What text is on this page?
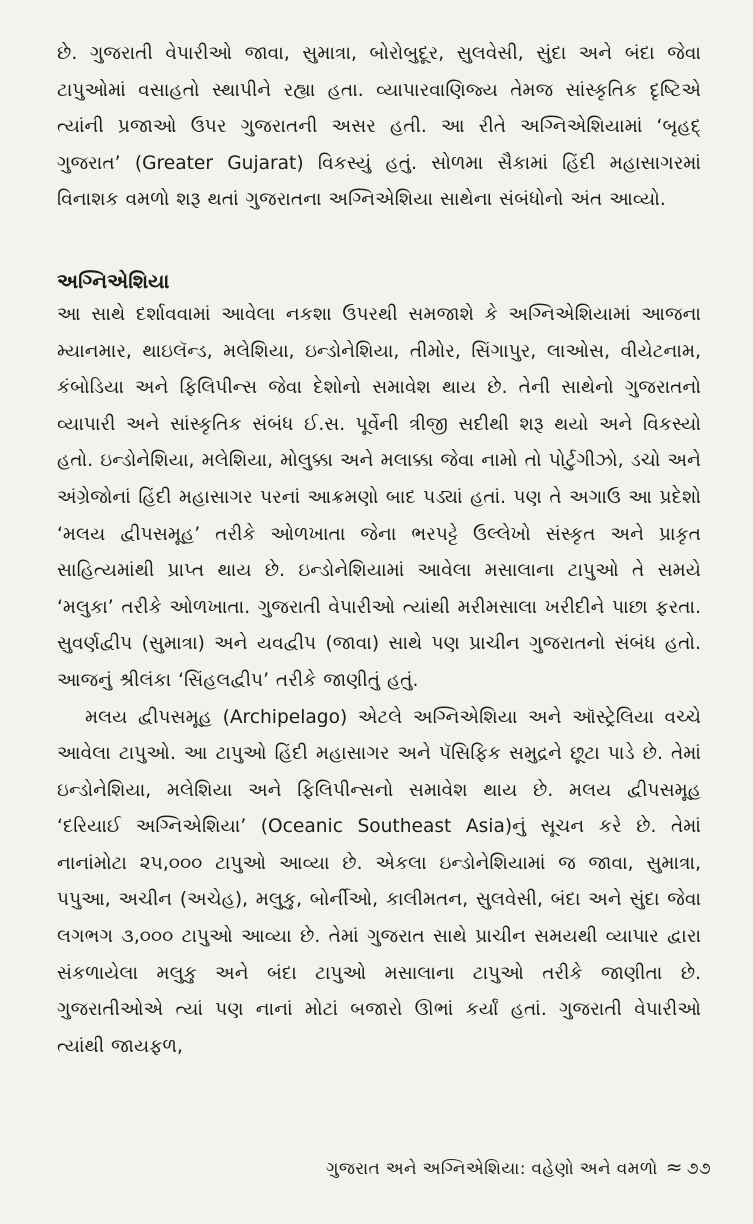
છે. ગુજરાતી વેપારીઓ જાવા, સુમાત્રા, બોરોબુદૂર, સુલવેસી, સુંદા અને બંદા જેવા ટાપુઓમાં વસાહતો સ્થાપીને રહ્યા હતા. વ્યાપારવાણિજ્ય તેમજ સાંસ્કૃતિક દૃષ્ટિએ ત્યાંની પ્રજાઓ ઉપર ગુજરાતની અસર હતી. આ રીતે અગ્નિએશિયામાં ‘બૃહદ્ ગુજરાત’ (Greater Gujarat) વિકસ્યું હતું. સોળમા સૈકામાં હિંદી મહાસાગરમાં વિનાશક વમળો શરૂ થતાં ગુજરાતના અગ્નિએશિયા સાથેના સંબંધોનો અંત આવ્યો.

અગ્નિએશિયા

આ સાથે દર્શાવવામાં આવેલા નકશા ઉપરથી સમજાશે કે અગ્નિએશિયામાં આજના મ્યાનમાર, થાઇલૅન્ડ, મલેશિયા, ઇન્ડોનેશિયા, તીમોર, સિંગાપુર, લાઓસ, વીયેટનામ, કંબોડિયા અને ફિલિપીન્સ જેવા દેશોનો સમાવેશ થાય છે. તેની સાથેનો ગુજરાતનો વ્યાપારી અને સાંસ્કૃતિક સંબંધ ઈ.સ. પૂર્વેની ત્રીજી સદીથી શરૂ થયો અને વિકસ્યો હતો. ઇન્ડોનેશિયા, મલેશિયા, મોલુક્કા અને મલાક્કા જેવા નામો તો પોર્ટુગીઝો, ડચો અને અંગ્રેજોનાં હિંદી મહાસાગર પરનાં આક્રમણો બાદ પડ્યાં હતાં. પણ તે અગાઉ આ પ્રદેશો ‘મલય દ્વીપસમૂહ’ તરીકે ઓળખાતા જેના ભરપટ્ટે ઉલ્લેખો સંસ્કૃત અને પ્રાકૃત સાહિત્યમાંથી પ્રાપ્ત થાય છે. ઇન્ડોનેશિયામાં આવેલા મસાલાના ટાપુઓ તે સમયે ‘મલુકા’ તરીકે ઓળખાતા. ગુજરાતી વેપારીઓ ત્યાંથી મરીમસાલા ખરીદીને પાછા ફરતા. સુવર્ણદ્વીપ (સુમાત્રા) અને યવદ્વીપ (જાવા) સાથે પણ પ્રાચીન ગુજરાતનો સંબંધ હતો. આજનું શ્રીલંકા ‘સિંહલદ્વીપ’ તરીકે જાણીતું હતું.

મલય દ્વીપસમૂહ (Archipelago) એટલે અગ્નિએશિયા અને ઑસ્ટ્રેલિયા વચ્ચે આવેલા ટાપુઓ. આ ટાપુઓ હિંદી મહાસાગર અને પૅસિફિક સમુદ્રને છૂટા પાડે છે. તેમાં ઇન્ડોનેશિયા, મલેશિયા અને ફિલિપીન્સનો સમાવેશ થાય છે. મલય દ્વીપસમૂહ ‘દરિયાઈ અગ્નિએશિયા’ (Oceanic Southeast Asia)નું સૂચન કરે છે. તેમાં નાનાંમોટા ૨૫,૦૦૦ ટાપુઓ આવ્યા છે. એકલા ઇન્ડોનેશિયામાં જ જાવા, સુમાત્રા, પપુઆ, અચીન (અચેહ), મલુકુ, બોર્નીઓ, કાલીમતન, સુલવેસી, બંદા અને સુંદા જેવા લગભગ ૩,૦૦૦ ટાપુઓ આવ્યા છે. તેમાં ગુજરાત સાથે પ્રાચીન સમયથી વ્યાપાર દ્વારા સંકળાયેલા મલુકુ અને બંદા ટાપુઓ મસાલાના ટાપુઓ તરીકે જાણીતા છે. ગુજરાતીઓએ ત્યાં પણ નાનાં મોટાં બજારો ઊભાં કર્યાં હતાં. ગુજરાતી વેપારીઓ ત્યાંથી જાયફળ,

ગુજરાત અને અગ્નિએશિયા: વહેણો અને વમળો ≈ ૭૭
